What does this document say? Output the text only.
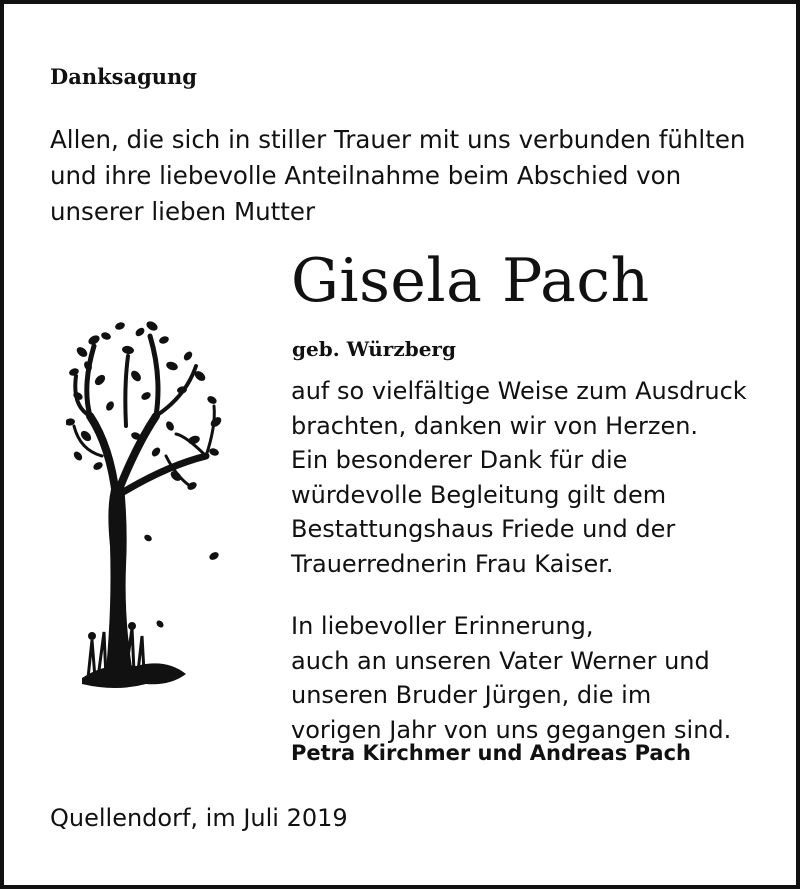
Danksagung
Allen, die sich in stiller Trauer mit uns verbunden fühlten
und ihre liebevolle Anteilnahme beim Abschied von
unserer lieben Mutter
Gisela Pach
geb. Würzberg
auf so vielfältige Weise zum Ausdruck
brachten, danken wir von Herzen.
Ein besonderer Dank für die
würdevolle Begleitung gilt dem
Bestattungshaus Friede und der
Trauerrednerin Frau Kaiser.
In liebevoller Erinnerung,
auch an unseren Vater Werner und
unseren Bruder Jürgen, die im
vorigen Jahr von uns gegangen sind.
Petra Kirchmer und Andreas Pach
Quellendorf, im Juli 2019
